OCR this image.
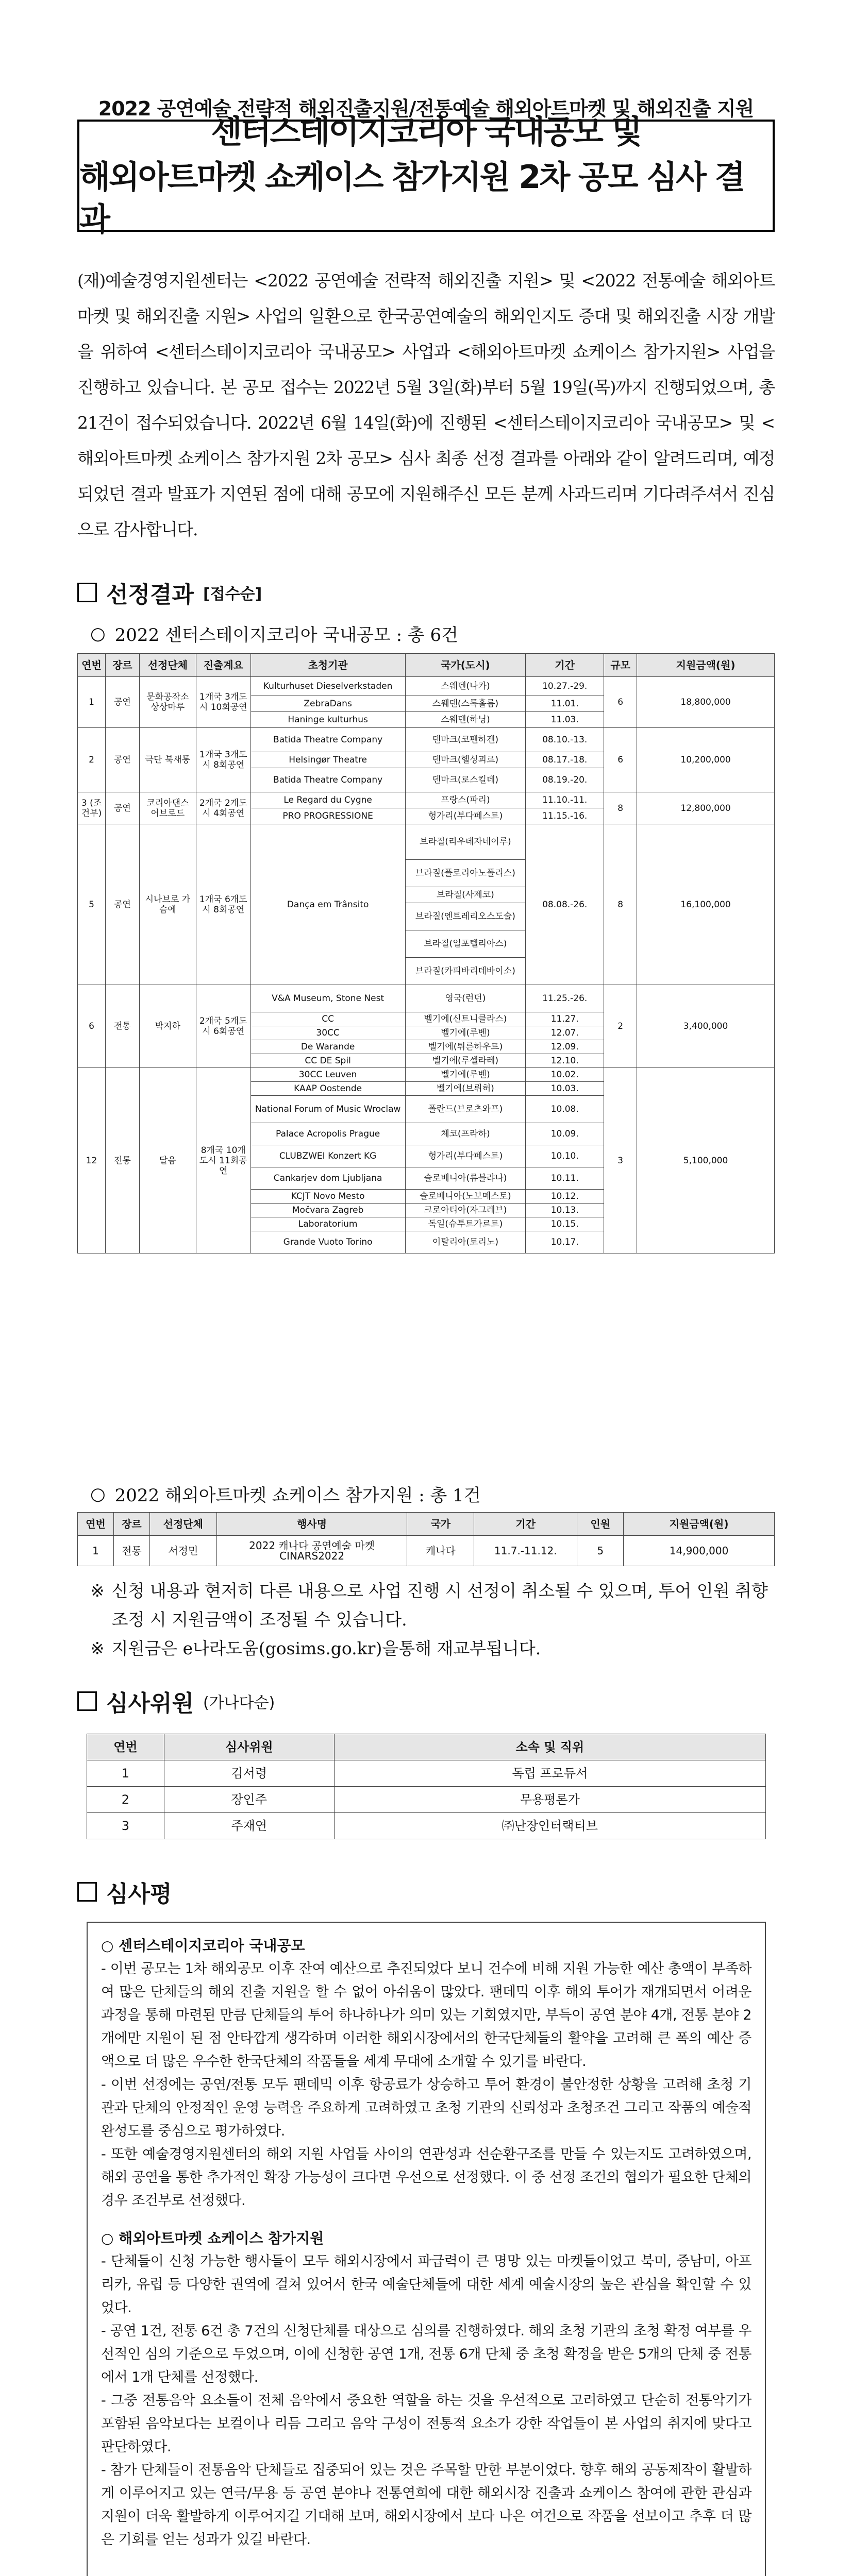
2022 공연예술 전략적 해외진출지원/전통예술 해외아트마켓 및 해외진출 지원
센터스테이지코리아 국내공모 및
해외아트마켓 쇼케이스 참가지원 2차 공모 심사 결과
(재)예술경영지원센터는 <2022 공연예술 전략적 해외진출 지원> 및 <2022 전통예술 해외아트마켓 및 해외진출 지원> 사업의 일환으로 한국공연예술의 해외인지도 증대 및 해외진출 시장 개발을 위하여 <센터스테이지코리아 국내공모> 사업과 <해외아트마켓 쇼케이스 참가지원> 사업을 진행하고 있습니다. 본 공모 접수는 2022년 5월 3일(화)부터 5월 19일(목)까지 진행되었으며, 총 21건이 접수되었습니다. 2022년 6월 14일(화)에 진행된 <센터스테이지코리아 국내공모> 및 <해외아트마켓 쇼케이스 참가지원 2차 공모> 심사 최종 선정 결과를 아래와 같이 알려드리며, 예정되었던 결과 발표가 지연된 점에 대해 공모에 지원해주신 모든 분께 사과드리며 기다려주셔서 진심으로 감사합니다.
선정결과 [접수순]
○ 2022 센터스테이지코리아 국내공모 : 총 6건
연번	장르	선정단체	진출계요	초청기관	국가(도시)	기간	규모	지원금액(원)
1	공연	문화공작소 상상마루	1개국 3개도시 10회공연	Kulturhuset Dieselverkstaden	스웨덴(나카)	10.27.-29.	6	18,800,000
				ZebraDans	스웨덴(스톡홀름)	11.01.		
				Haninge kulturhus	스웨덴(하닝)	11.03.		
2	공연	극단 북새통	1개국 3개도시 8회공연	Batida Theatre Company	덴마크(코펜하겐)	08.10.-13.	6	10,200,000
				Helsingør Theatre	덴마크(헬싱괴르)	08.17.-18.		
				Batida Theatre Company	덴마크(로스킬데)	08.19.-20.		
3 (조건부)	공연	코리아댄스 어브로드	2개국 2개도시 4회공연	Le Regard du Cygne	프랑스(파리)	11.10.-11.	8	12,800,000
				PRO PROGRESSIONE	헝가리(부다페스트)	11.15.-16.		
5	공연	시나브로 가슴에	1개국 6개도시 8회공연	Dança em Trânsito	브라질(리우데자네이루)	08.08.-26.	8	16,100,000
					브라질(플로리아노폴리스)			
					브라질(사제코)			
					브라질(엔트레리오스도술)			
					브라질(일포텔리아스)			
					브라질(카피바리데바이소)			
6	전통	박지하	2개국 5개도시 6회공연	V&A Museum, Stone Nest	영국(런던)	11.25.-26.	2	3,400,000
				CC	벨기에(신트니클라스)	11.27.		
				30CC	벨기에(루벤)	12.07.		
				De Warande	벨기에(튀른하우트)	12.09.		
				CC DE Spil	벨기에(루셀라레)	12.10.		
12	전통	달음	8개국 10개도시 11회공연	30CC Leuven	벨기에(루벤)	10.02.	3	5,100,000
				KAAP Oostende	벨기에(브뤼허)	10.03.		
				National Forum of Music Wroclaw	폴란드(브로츠와프)	10.08.		
				Palace Acropolis Prague	체코(프라하)	10.09.		
				CLUBZWEI Konzert KG	헝가리(부다페스트)	10.10.		
				Cankarjev dom Ljubljana	슬로베니아(류블랴나)	10.11.		
				KCJT Novo Mesto	슬로베니아(노보메스토)	10.12.		
				Močvara Zagreb	크로아티아(자그레브)	10.13.		
				Laboratorium	독일(슈투트가르트)	10.15.		
				Grande Vuoto Torino	이탈리아(토리노)	10.17.		
○ 2022 해외아트마켓 쇼케이스 참가지원 : 총 1건
연번	장르	선정단체	행사명	국가	기간	인원	지원금액(원)
1	전통	서정민	2022 캐나다 공연예술 마켓 CINARS2022	캐나다	11.7.-11.12.	5	14,900,000
※ 신청 내용과 현저히 다른 내용으로 사업 진행 시 선정이 취소될 수 있으며, 투어 인원 취향 조정 시 지원금액이 조정될 수 있습니다.
※ 지원금은 e나라도움(gosims.go.kr)을통해 재교부됩니다.
심사위원 (가나다순)
연번	심사위원	소속 및 직위
1	김서령	독립 프로듀서
2	장인주	무용평론가
3	주재연	㈜난장인터랙티브
심사평
○ 센터스테이지코리아 국내공모
- 이번 공모는 1차 해외공모 이후 잔여 예산으로 추진되었다 보니 건수에 비해 지원 가능한 예산 총액이 부족하여 많은 단체들의 해외 진출 지원을 할 수 없어 아쉬움이 많았다. 팬데믹 이후 해외 투어가 재개되면서 어려운 과정을 통해 마련된 만큼 단체들의 투어 하나하나가 의미 있는 기회였지만, 부득이 공연 분야 4개, 전통 분야 2개에만 지원이 된 점 안타깝게 생각하며 이러한 해외시장에서의 한국단체들의 활약을 고려해 큰 폭의 예산 증액으로 더 많은 우수한 한국단체의 작품들을 세계 무대에 소개할 수 있기를 바란다.
- 이번 선정에는 공연/전통 모두 팬데믹 이후 항공료가 상승하고 투어 환경이 불안정한 상황을 고려해 초청 기관과 단체의 안정적인 운영 능력을 주요하게 고려하였고 초청 기관의 신뢰성과 초청조건 그리고 작품의 예술적 완성도를 중심으로 평가하였다.
- 또한 예술경영지원센터의 해외 지원 사업들 사이의 연관성과 선순환구조를 만들 수 있는지도 고려하였으며, 해외 공연을 통한 추가적인 확장 가능성이 크다면 우선으로 선정했다. 이 중 선정 조건의 협의가 필요한 단체의 경우 조건부로 선정했다.
○ 해외아트마켓 쇼케이스 참가지원
- 단체들이 신청 가능한 행사들이 모두 해외시장에서 파급력이 큰 명망 있는 마켓들이었고 북미, 중남미, 아프리카, 유럽 등 다양한 권역에 걸쳐 있어서 한국 예술단체들에 대한 세계 예술시장의 높은 관심을 확인할 수 있었다.
- 공연 1건, 전통 6건 총 7건의 신청단체를 대상으로 심의를 진행하였다. 해외 초청 기관의 초청 확정 여부를 우선적인 심의 기준으로 두었으며, 이에 신청한 공연 1개, 전통 6개 단체 중 초청 확정을 받은 5개의 단체 중 전통에서 1개 단체를 선정했다.
- 그중 전통음악 요소들이 전체 음악에서 중요한 역할을 하는 것을 우선적으로 고려하였고 단순히 전통악기가 포함된 음악보다는 보컬이나 리듬 그리고 음악 구성이 전통적 요소가 강한 작업들이 본 사업의 취지에 맞다고 판단하였다.
- 참가 단체들이 전통음악 단체들로 집중되어 있는 것은 주목할 만한 부분이었다. 향후 해외 공동제작이 활발하게 이루어지고 있는 연극/무용 등 공연 분야나 전통연희에 대한 해외시장 진출과 쇼케이스 참여에 관한 관심과 지원이 더욱 활발하게 이루어지길 기대해 보며, 해외시장에서 보다 나은 여건으로 작품을 선보이고 추후 더 많은 기회를 얻는 성과가 있길 바란다.
